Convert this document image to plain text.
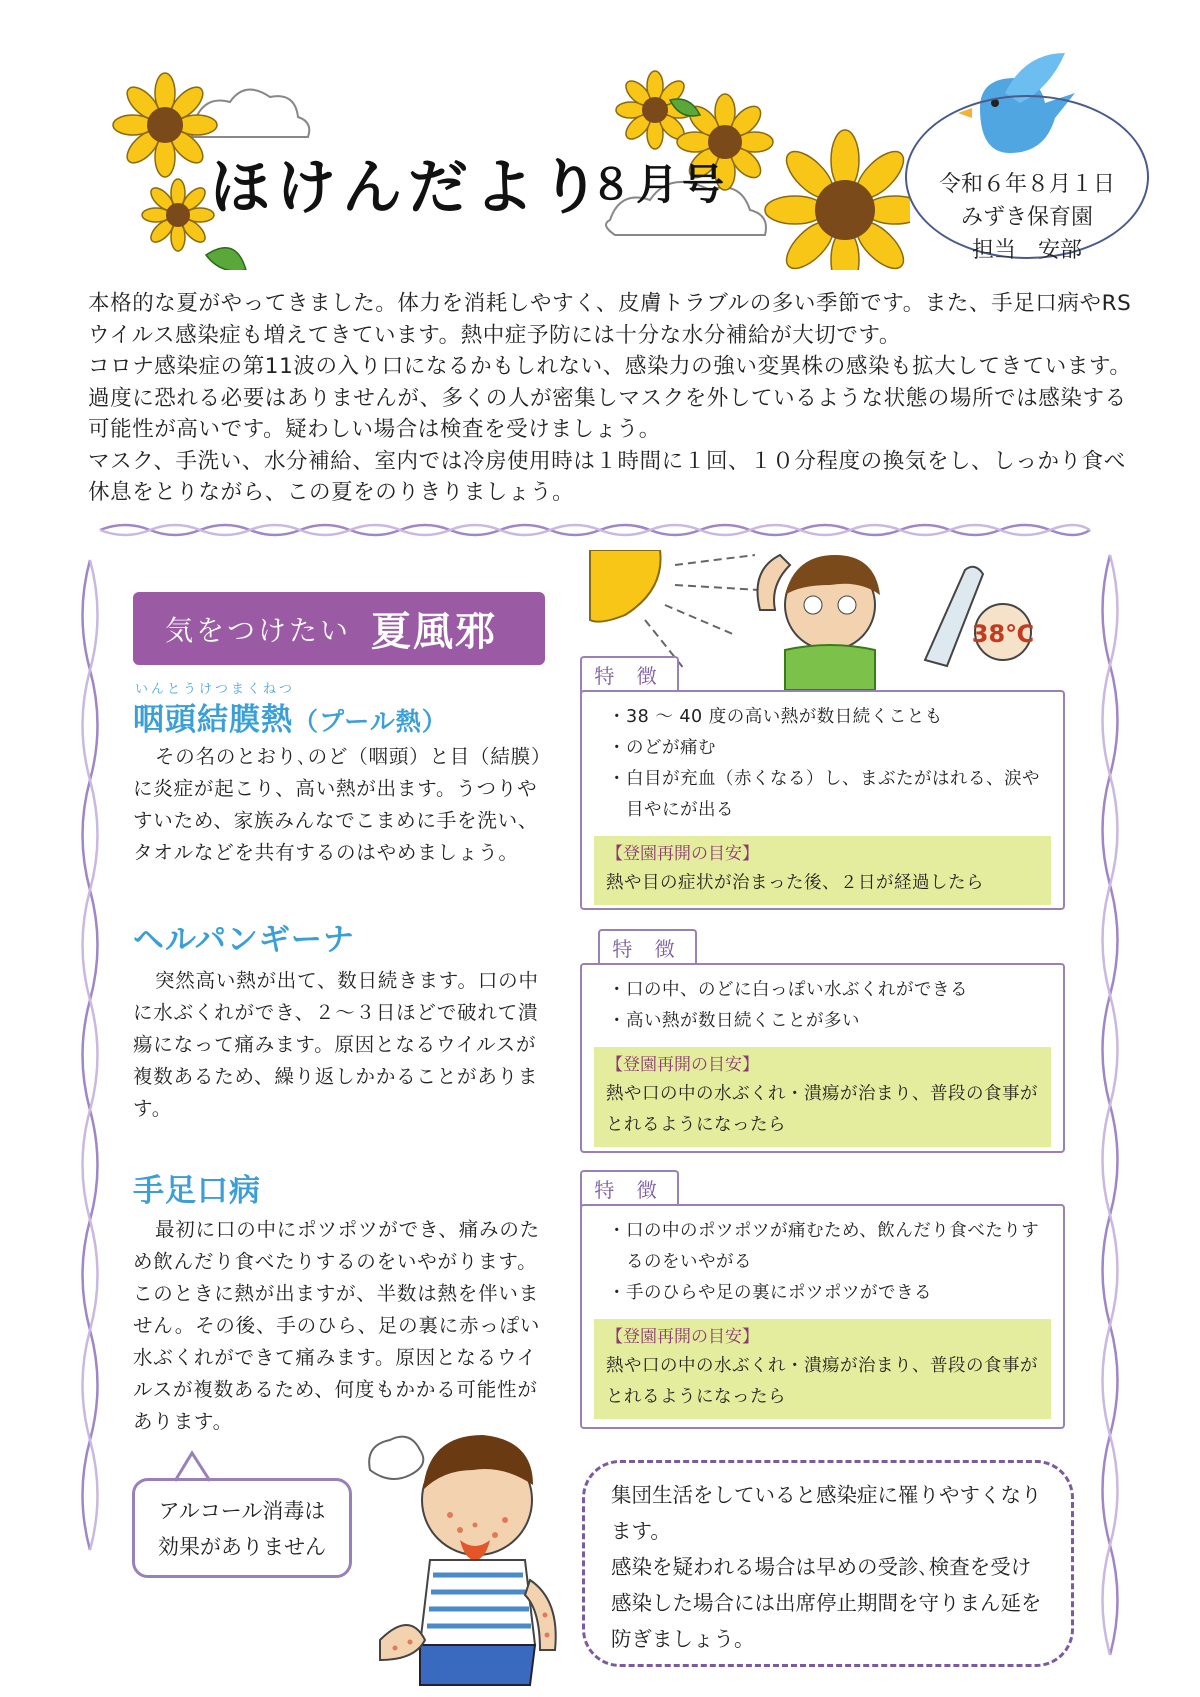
ほけんだより
８月号	令和６年８月１日
みずき保育園
担当　安部

本格的な夏がやってきました。体力を消耗しやすく、皮膚トラブルの多い季節です。また、手足口病やRSウイルス感染症も増えてきています。熱中症予防には十分な水分補給が大切です。

コロナ感染症の第11波の入り口になるかもしれない、感染力の強い変異株の感染も拡大してきています。過度に恐れる必要はありませんが、多くの人が密集しマスクを外しているような状態の場所では感染する可能性が高いです。疑わしい場合は検査を受けましょう。

マスク、手洗い、水分補給、室内では冷房使用時は１時間に１回、１０分程度の換気をし、しっかり食べ休息をとりながら、この夏をのりきりましょう。

38℃
気をつけたい 夏風邪
いんとうけつまくねつ
咽頭結膜熱（プール熱）
その名のとおり､のど（咽頭）と目（結膜）に炎症が起こり、高い熱が出ます。うつりやすいため、家族みんなでこまめに手を洗い、タオルなどを共有するのはやめましょう。
特 徴
・38 ～ 40 度の高い熱が数日続くことも
・のどが痛む
・白目が充血（赤くなる）し、まぶたがはれる、涙や目やにが出る
【登園再開の目安】
熱や目の症状が治まった後、２日が経過したら
ヘルパンギーナ
突然高い熱が出て、数日続きます。口の中に水ぶくれができ、２～３日ほどで破れて潰瘍になって痛みます。原因となるウイルスが複数あるため、繰り返しかかることがあります。
特 徴
・口の中、のどに白っぽい水ぶくれができる
・高い熱が数日続くことが多い
【登園再開の目安】
熱や口の中の水ぶくれ・潰瘍が治まり、普段の食事がとれるようになったら
手足口病
最初に口の中にポツポツができ、痛みのため飲んだり食べたりするのをいやがります。このときに熱が出ますが、半数は熱を伴いません。その後、手のひら、足の裏に赤っぽい水ぶくれができて痛みます。原因となるウイルスが複数あるため、何度もかかる可能性があります。
特 徴
・口の中のポツポツが痛むため、飲んだり食べたりするのをいやがる
・手のひらや足の裏にポツポツができる
【登園再開の目安】
熱や口の中の水ぶくれ・潰瘍が治まり、普段の食事がとれるようになったら
アルコール消毒は効果がありません

集団生活をしていると感染症に罹りやすくなります。

感染を疑われる場合は早めの受診､検査を受け感染した場合には出席停止期間を守りまん延を防ぎましょう。
